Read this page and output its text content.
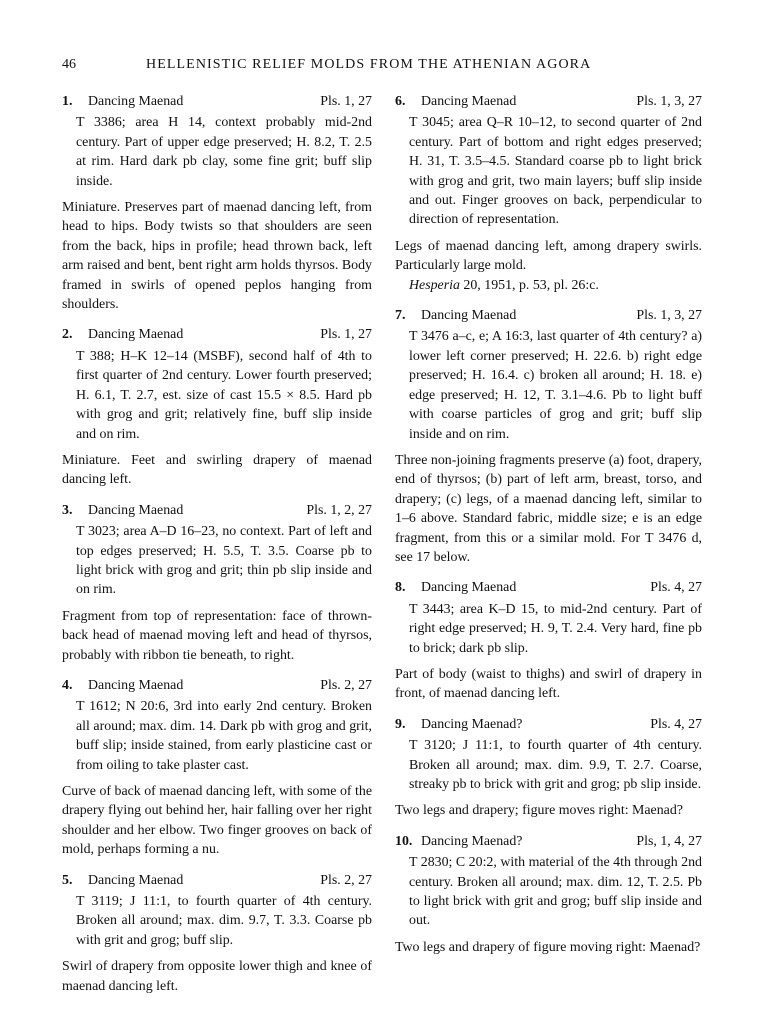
46	HELLENISTIC RELIEF MOLDS FROM THE ATHENIAN AGORA
1. Dancing Maenad	Pls. 1, 27

T 3386; area H 14, context probably mid-2nd century. Part of upper edge preserved; H. 8.2, T. 2.5 at rim. Hard dark pb clay, some fine grit; buff slip inside.

Miniature. Preserves part of maenad dancing left, from head to hips. Body twists so that shoulders are seen from the back, hips in profile; head thrown back, left arm raised and bent, bent right arm holds thyrsos. Body framed in swirls of opened peplos hanging from shoulders.

2. Dancing Maenad	Pls. 1, 27

T 388; H–K 12–14 (MSBF), second half of 4th to first quarter of 2nd century. Lower fourth preserved; H. 6.1, T. 2.7, est. size of cast 15.5 × 8.5. Hard pb with grog and grit; relatively fine, buff slip inside and on rim.

Miniature. Feet and swirling drapery of maenad dancing left.

3. Dancing Maenad	Pls. 1, 2, 27

T 3023; area A–D 16–23, no context. Part of left and top edges preserved; H. 5.5, T. 3.5. Coarse pb to light brick with grog and grit; thin pb slip inside and on rim.

Fragment from top of representation: face of thrown-back head of maenad moving left and head of thyrsos, probably with ribbon tie beneath, to right.

4. Dancing Maenad	Pls. 2, 27

T 1612; N 20:6, 3rd into early 2nd century. Broken all around; max. dim. 14. Dark pb with grog and grit, buff slip; inside stained, from early plasticine cast or from oiling to take plaster cast.

Curve of back of maenad dancing left, with some of the drapery flying out behind her, hair falling over her right shoulder and her elbow. Two finger grooves on back of mold, perhaps forming a nu.

5. Dancing Maenad	Pls. 2, 27

T 3119; J 11:1, to fourth quarter of 4th century. Broken all around; max. dim. 9.7, T. 3.3. Coarse pb with grit and grog; buff slip.

Swirl of drapery from opposite lower thigh and knee of maenad dancing left.

6. Dancing Maenad	Pls. 1, 3, 27

T 3045; area Q–R 10–12, to second quarter of 2nd century. Part of bottom and right edges preserved; H. 31, T. 3.5–4.5. Standard coarse pb to light brick with grog and grit, two main layers; buff slip inside and out. Finger grooves on back, perpendicular to direction of representation.

Legs of maenad dancing left, among drapery swirls. Particularly large mold.

Hesperia 20, 1951, p. 53, pl. 26:c.

7. Dancing Maenad	Pls. 1, 3, 27

T 3476 a–c, e; A 16:3, last quarter of 4th century? a) lower left corner preserved; H. 22.6. b) right edge preserved; H. 16.4. c) broken all around; H. 18. e) edge preserved; H. 12, T. 3.1–4.6. Pb to light buff with coarse particles of grog and grit; buff slip inside and on rim.

Three non-joining fragments preserve (a) foot, drapery, end of thyrsos; (b) part of left arm, breast, torso, and drapery; (c) legs, of a maenad dancing left, similar to 1–6 above. Standard fabric, middle size; e is an edge fragment, from this or a similar mold. For T 3476 d, see 17 below.

8. Dancing Maenad	Pls. 4, 27

T 3443; area K–D 15, to mid-2nd century. Part of right edge preserved; H. 9, T. 2.4. Very hard, fine pb to brick; dark pb slip.

Part of body (waist to thighs) and swirl of drapery in front, of maenad dancing left.

9. Dancing Maenad?	Pls. 4, 27

T 3120; J 11:1, to fourth quarter of 4th century. Broken all around; max. dim. 9.9, T. 2.7. Coarse, streaky pb to brick with grit and grog; pb slip inside.

Two legs and drapery; figure moves right: Maenad?

10. Dancing Maenad?	Pls, 1, 4, 27

T 2830; C 20:2, with material of the 4th through 2nd century. Broken all around; max. dim. 12, T. 2.5. Pb to light brick with grit and grog; buff slip inside and out.

Two legs and drapery of figure moving right: Maenad?
